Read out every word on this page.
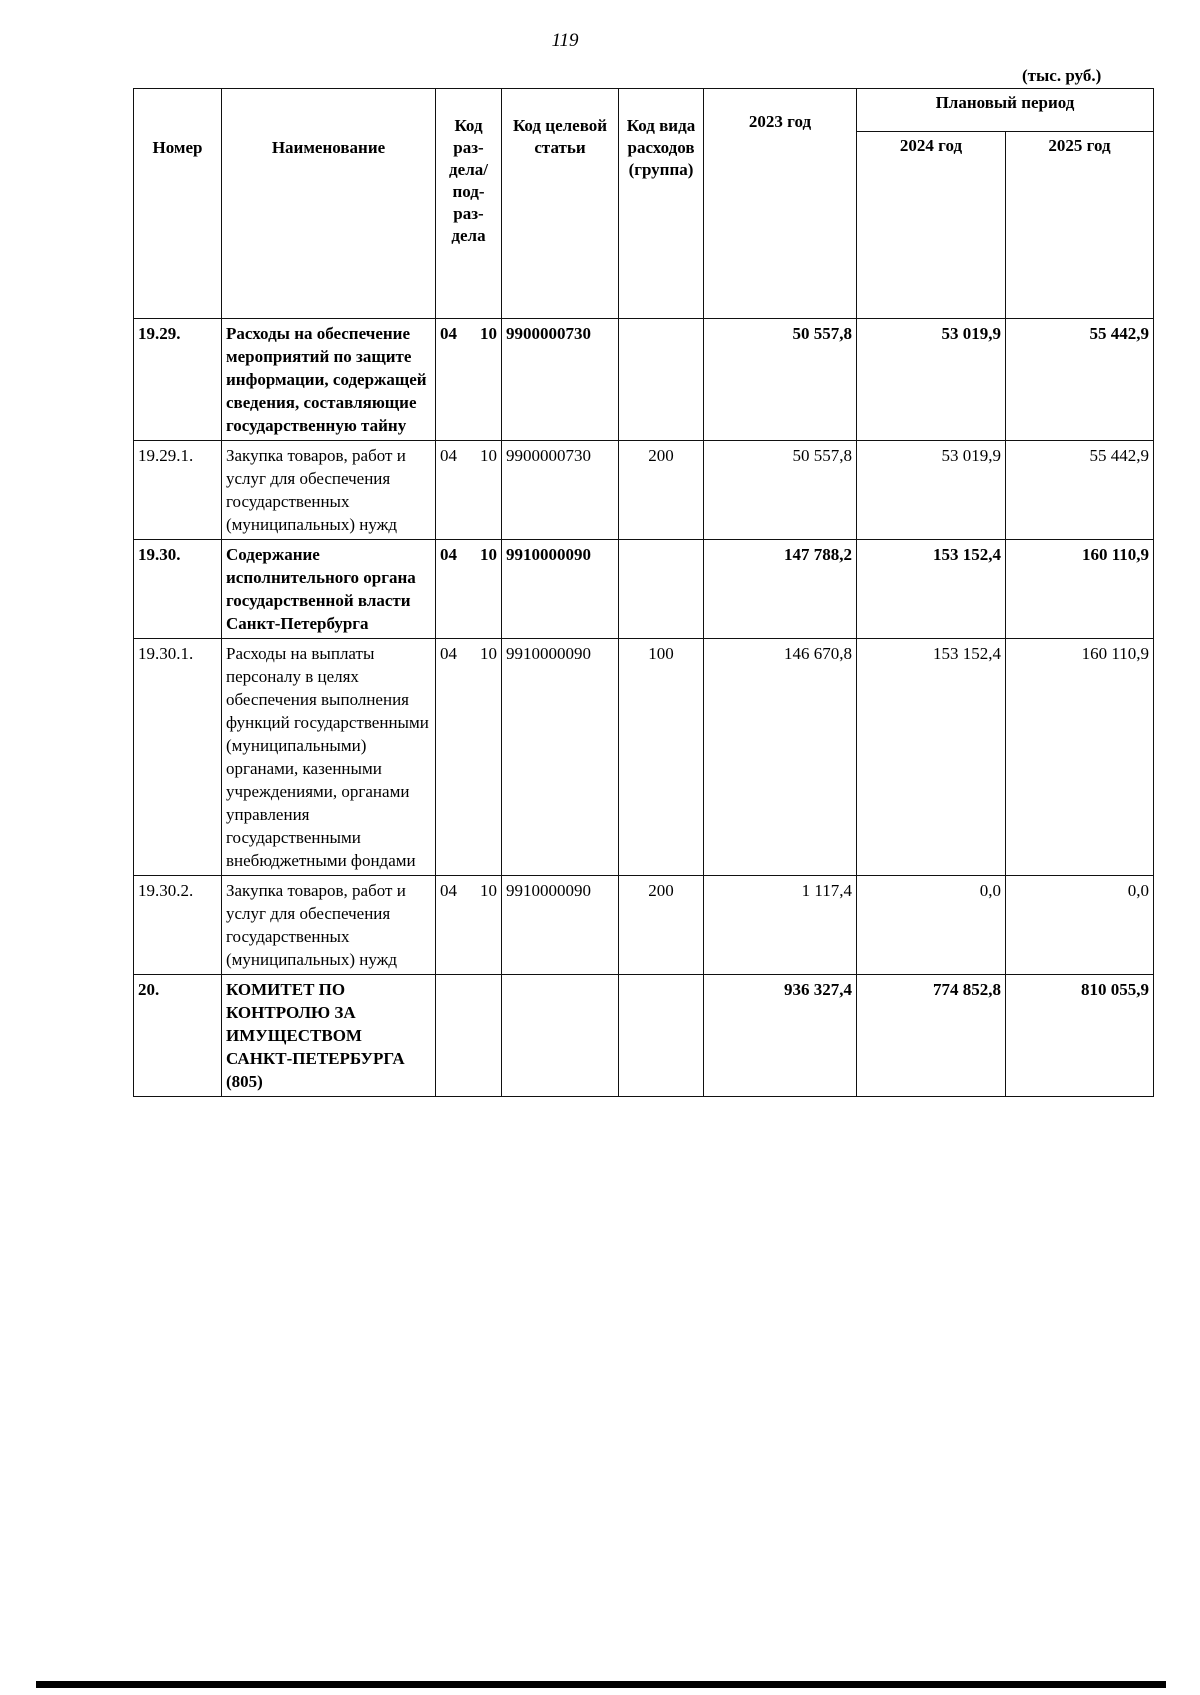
119
(тыс. руб.)
Номер	Наименование	Код раз-дела/ под-раз-дела	Код целевой статьи	Код вида расходов (группа)	2023 год	Плановый период	
						2024 год	2025 год
19.29.	Расходы на обеспечение мероприятий по защите информации, содержащей сведения, составляющие государственную тайну	04 10	9900000730		50 557,8	53 019,9	55 442,9
19.29.1.	Закупка товаров, работ и услуг для обеспечения государственных (муниципальных) нужд	04 10	9900000730	200	50 557,8	53 019,9	55 442,9
19.30.	Содержание исполнительного органа государственной власти Санкт-Петербурга	04 10	9910000090		147 788,2	153 152,4	160 110,9
19.30.1.	Расходы на выплаты персоналу в целях обеспечения выполнения функций государственными (муниципальными) органами, казенными учреждениями, органами управления государственными внебюджетными фондами	04 10	9910000090	100	146 670,8	153 152,4	160 110,9
19.30.2.	Закупка товаров, работ и услуг для обеспечения государственных (муниципальных) нужд	04 10	9910000090	200	1 117,4	0,0	0,0
20.	КОМИТЕТ ПО КОНТРОЛЮ ЗА ИМУЩЕСТВОМ САНКТ-ПЕТЕРБУРГА (805)				936 327,4	774 852,8	810 055,9
